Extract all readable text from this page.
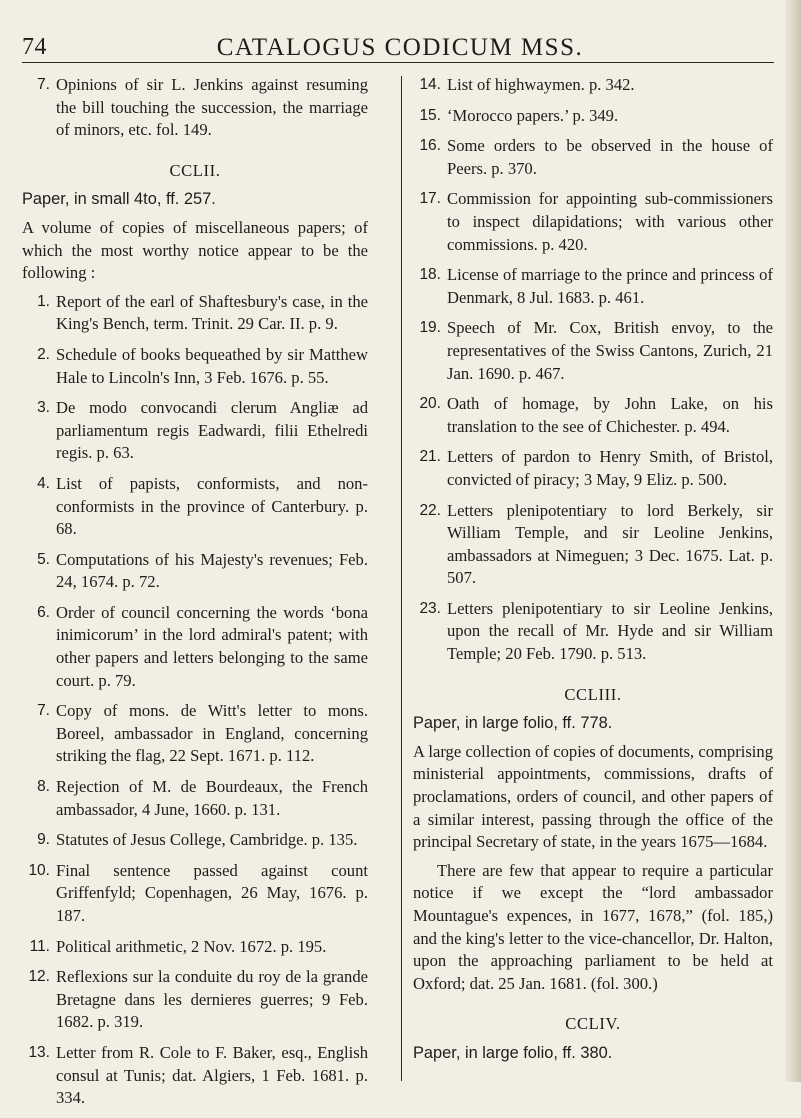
74	CATALOGUS CODICUM MSS.
7. Opinions of sir L. Jenkins against resuming the bill touching the succession, the marriage of minors, etc. fol. 149.
CCLII.
Paper, in small 4to, ff. 257.
A volume of copies of miscellaneous papers; of which the most worthy notice appear to be the following :
1. Report of the earl of Shaftesbury's case, in the King's Bench, term. Trinit. 29 Car. II. p. 9.
2. Schedule of books bequeathed by sir Matthew Hale to Lincoln's Inn, 3 Feb. 1676. p. 55.
3. De modo convocandi clerum Angliæ ad parliamentum regis Eadwardi, filii Ethelredi regis. p. 63.
4. List of papists, conformists, and non-conformists in the province of Canterbury. p. 68.
5. Computations of his Majesty's revenues; Feb. 24, 1674. p. 72.
6. Order of council concerning the words ‘bona inimicorum’ in the lord admiral's patent; with other papers and letters belonging to the same court. p. 79.
7. Copy of mons. de Witt's letter to mons. Boreel, ambassador in England, concerning striking the flag, 22 Sept. 1671. p. 112.
8. Rejection of M. de Bourdeaux, the French ambassador, 4 June, 1660. p. 131.
9. Statutes of Jesus College, Cambridge. p. 135.
10. Final sentence passed against count Griffenfyld; Copenhagen, 26 May, 1676. p. 187.
11. Political arithmetic, 2 Nov. 1672. p. 195.
12. Reflexions sur la conduite du roy de la grande Bretagne dans les dernieres guerres; 9 Feb. 1682. p. 319.
13. Letter from R. Cole to F. Baker, esq., English consul at Tunis; dat. Algiers, 1 Feb. 1681. p. 334.
14. List of highwaymen. p. 342.
15. ‘Morocco papers.’ p. 349.
16. Some orders to be observed in the house of Peers. p. 370.
17. Commission for appointing sub-commissioners to inspect dilapidations; with various other commissions. p. 420.
18. License of marriage to the prince and princess of Denmark, 8 Jul. 1683. p. 461.
19. Speech of Mr. Cox, British envoy, to the representatives of the Swiss Cantons, Zurich, 21 Jan. 1690. p. 467.
20. Oath of homage, by John Lake, on his translation to the see of Chichester. p. 494.
21. Letters of pardon to Henry Smith, of Bristol, convicted of piracy; 3 May, 9 Eliz. p. 500.
22. Letters plenipotentiary to lord Berkely, sir William Temple, and sir Leoline Jenkins, ambassadors at Nimeguen; 3 Dec. 1675. Lat. p. 507.
23. Letters plenipotentiary to sir Leoline Jenkins, upon the recall of Mr. Hyde and sir William Temple; 20 Feb. 1790. p. 513.
CCLIII.
Paper, in large folio, ff. 778.
A large collection of copies of documents, comprising ministerial appointments, commissions, drafts of proclamations, orders of council, and other papers of a similar interest, passing through the office of the principal Secretary of state, in the years 1675—1684.
There are few that appear to require a particular notice if we except the “lord ambassador Mountague's expences, in 1677, 1678,” (fol. 185,) and the king's letter to the vice-chancellor, Dr. Halton, upon the approaching parliament to be held at Oxford; dat. 25 Jan. 1681. (fol. 300.)
CCLIV.
Paper, in large folio, ff. 380.
